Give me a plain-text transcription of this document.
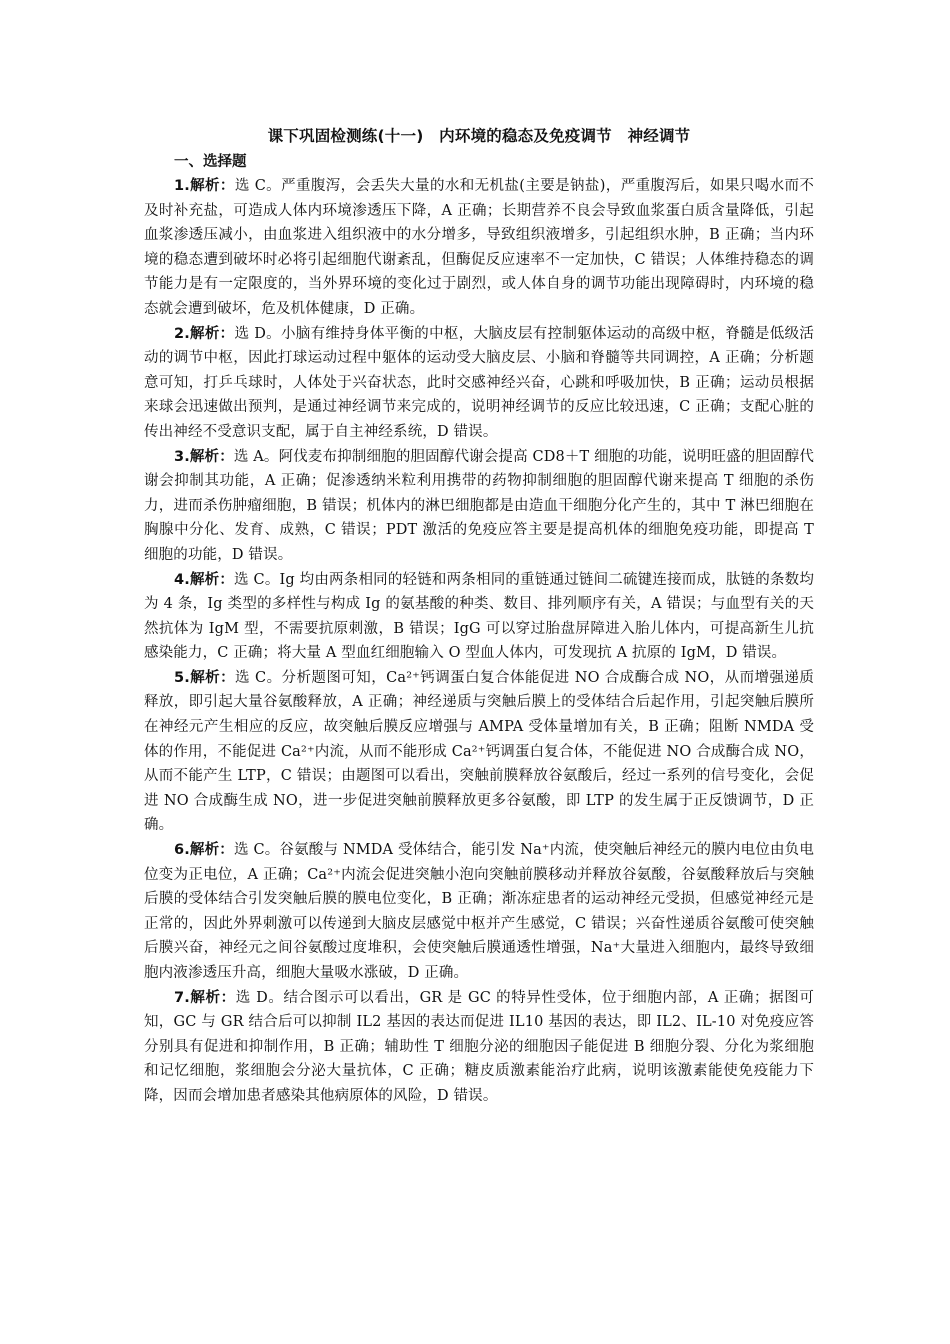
课下巩固检测练(十一)　内环境的稳态及免疫调节　神经调节
一、选择题

1.解析：选 C。严重腹泻，会丢失大量的水和无机盐(主要是钠盐)，严重腹泻后，如果只喝水而不及时补充盐，可造成人体内环境渗透压下降，A 正确；长期营养不良会导致血浆蛋白质含量降低，引起血浆渗透压减小，由血浆进入组织液中的水分增多，导致组织液增多，引起组织水肿，B 正确；当内环境的稳态遭到破坏时必将引起细胞代谢紊乱，但酶促反应速率不一定加快，C 错误；人体维持稳态的调节能力是有一定限度的，当外界环境的变化过于剧烈，或人体自身的调节功能出现障碍时，内环境的稳态就会遭到破坏，危及机体健康，D 正确。

2.解析：选 D。小脑有维持身体平衡的中枢，大脑皮层有控制躯体运动的高级中枢，脊髓是低级活动的调节中枢，因此打球运动过程中躯体的运动受大脑皮层、小脑和脊髓等共同调控，A 正确；分析题意可知，打乒乓球时，人体处于兴奋状态，此时交感神经兴奋，心跳和呼吸加快，B 正确；运动员根据来球会迅速做出预判，是通过神经调节来完成的，说明神经调节的反应比较迅速，C 正确；支配心脏的传出神经不受意识支配，属于自主神经系统，D 错误。

3.解析：选 A。阿伐麦布抑制细胞的胆固醇代谢会提高 CD8＋T 细胞的功能，说明旺盛的胆固醇代谢会抑制其功能，A 正确；促渗透纳米粒利用携带的药物抑制细胞的胆固醇代谢来提高 T 细胞的杀伤力，进而杀伤肿瘤细胞，B 错误；机体内的淋巴细胞都是由造血干细胞分化产生的，其中 T 淋巴细胞在胸腺中分化、发育、成熟，C 错误；PDT 激活的免疫应答主要是提高机体的细胞免疫功能，即提高 T 细胞的功能，D 错误。

4.解析：选 C。Ig 均由两条相同的轻链和两条相同的重链通过链间二硫键连接而成，肽链的条数均为 4 条，Ig 类型的多样性与构成 Ig 的氨基酸的种类、数目、排列顺序有关，A 错误；与血型有关的天然抗体为 IgM 型，不需要抗原刺激，B 错误；IgG 可以穿过胎盘屏障进入胎儿体内，可提高新生儿抗感染能力，C 正确；将大量 A 型血红细胞输入 O 型血人体内，可发现抗 A 抗原的 IgM，D 错误。

5.解析：选 C。分析题图可知，Ca²⁺钙调蛋白复合体能促进 NO 合成酶合成 NO，从而增强递质释放，即引起大量谷氨酸释放，A 正确；神经递质与突触后膜上的受体结合后起作用，引起突触后膜所在神经元产生相应的反应，故突触后膜反应增强与 AMPA 受体量增加有关，B 正确；阻断 NMDA 受体的作用，不能促进 Ca²⁺内流，从而不能形成 Ca²⁺钙调蛋白复合体，不能促进 NO 合成酶合成 NO，从而不能产生 LTP，C 错误；由题图可以看出，突触前膜释放谷氨酸后，经过一系列的信号变化，会促进 NO 合成酶生成 NO，进一步促进突触前膜释放更多谷氨酸，即 LTP 的发生属于正反馈调节，D 正确。

6.解析：选 C。谷氨酸与 NMDA 受体结合，能引发 Na⁺内流，使突触后神经元的膜内电位由负电位变为正电位，A 正确；Ca²⁺内流会促进突触小泡向突触前膜移动并释放谷氨酸，谷氨酸释放后与突触后膜的受体结合引发突触后膜的膜电位变化，B 正确；渐冻症患者的运动神经元受损，但感觉神经元是正常的，因此外界刺激可以传递到大脑皮层感觉中枢并产生感觉，C 错误；兴奋性递质谷氨酸可使突触后膜兴奋，神经元之间谷氨酸过度堆积，会使突触后膜通透性增强，Na⁺大量进入细胞内，最终导致细胞内液渗透压升高，细胞大量吸水涨破，D 正确。

7.解析：选 D。结合图示可以看出，GR 是 GC 的特异性受体，位于细胞内部，A 正确；据图可知，GC 与 GR 结合后可以抑制 IL2 基因的表达而促进 IL10 基因的表达，即 IL2、IL-10 对免疫应答分别具有促进和抑制作用，B 正确；辅助性 T 细胞分泌的细胞因子能促进 B 细胞分裂、分化为浆细胞和记忆细胞，浆细胞会分泌大量抗体，C 正确；糖皮质激素能治疗此病，说明该激素能使免疫能力下降，因而会增加患者感染其他病原体的风险，D 错误。
